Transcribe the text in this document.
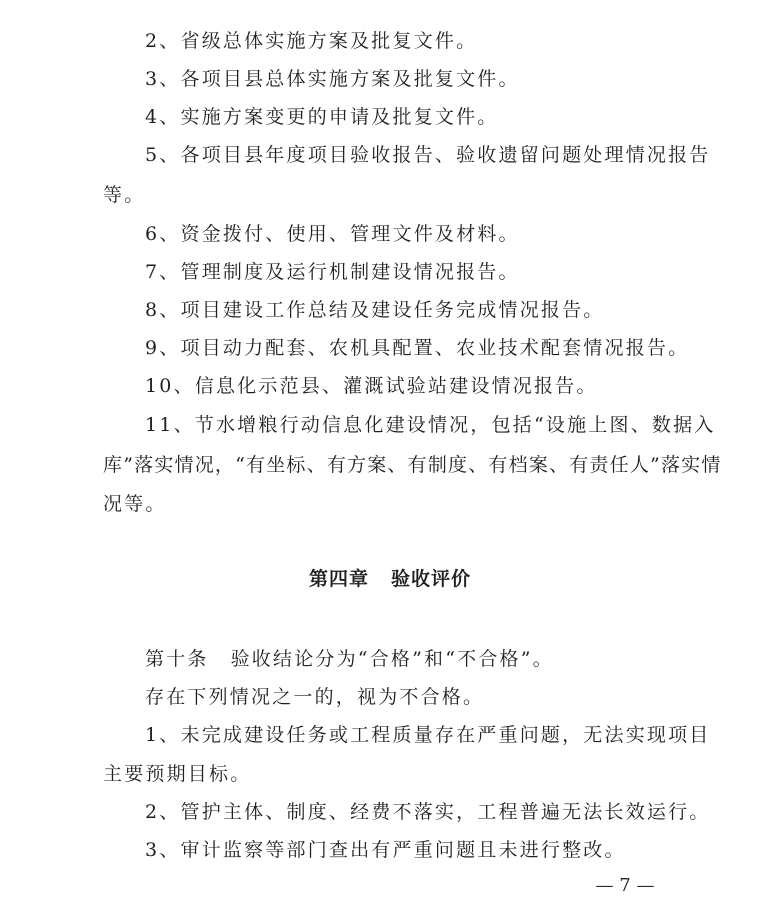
2、省级总体实施方案及批复文件。
3、各项目县总体实施方案及批复文件。
4、实施方案变更的申请及批复文件。
5、各项目县年度项目验收报告、验收遗留问题处理情况报告
等。
6、资金拨付、使用、管理文件及材料。
7、管理制度及运行机制建设情况报告。
8、项目建设工作总结及建设任务完成情况报告。
9、项目动力配套、农机具配置、农业技术配套情况报告。
10、信息化示范县、灌溉试验站建设情况报告。
11、节水增粮行动信息化建设情况，包括“设施上图、数据入
库”落实情况，“有坐标、有方案、有制度、有档案、有责任人”落实情
况等。
第四章 验收评价
第十条 验收结论分为“合格”和“不合格”。
存在下列情况之一的，视为不合格。
1、未完成建设任务或工程质量存在严重问题，无法实现项目
主要预期目标。
2、管护主体、制度、经费不落实，工程普遍无法长效运行。
3、审计监察等部门查出有严重问题且未进行整改。
— 7 —
